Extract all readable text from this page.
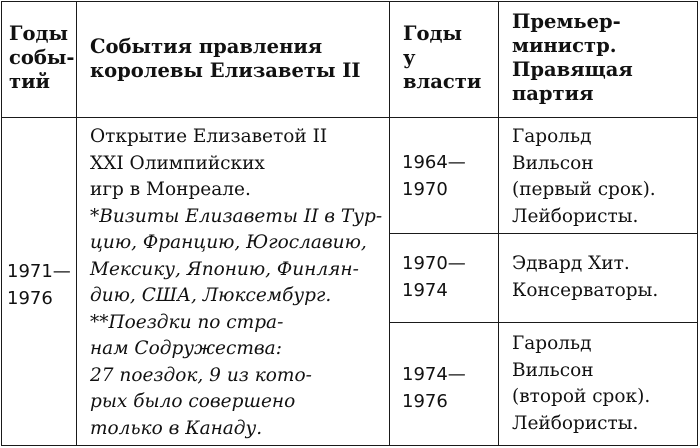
Годы
собы-
тий
События правления
королевы Елизаветы II
Годы
у
власти
Премьер-
министр.
Правящая
партия
1971—
1976
Открытие Елизаветой II
XXI Олимпийских
игр в Монреале.
*Визиты Елизаветы II в Тур-
цию, Францию, Югославию,
Мексику, Японию, Финлян-
дию, США, Люксембург.
**Поездки по стра-
нам Содружества:
27 поездок, 9 из кото-
рых было совершено
только в Канаду.
1964—
1970
Гарольд
Вильсон
(первый срок).
Лейбористы.
1970—
1974
Эдвард Хит.
Консерваторы.
1974—
1976
Гарольд
Вильсон
(второй срок).
Лейбористы.
